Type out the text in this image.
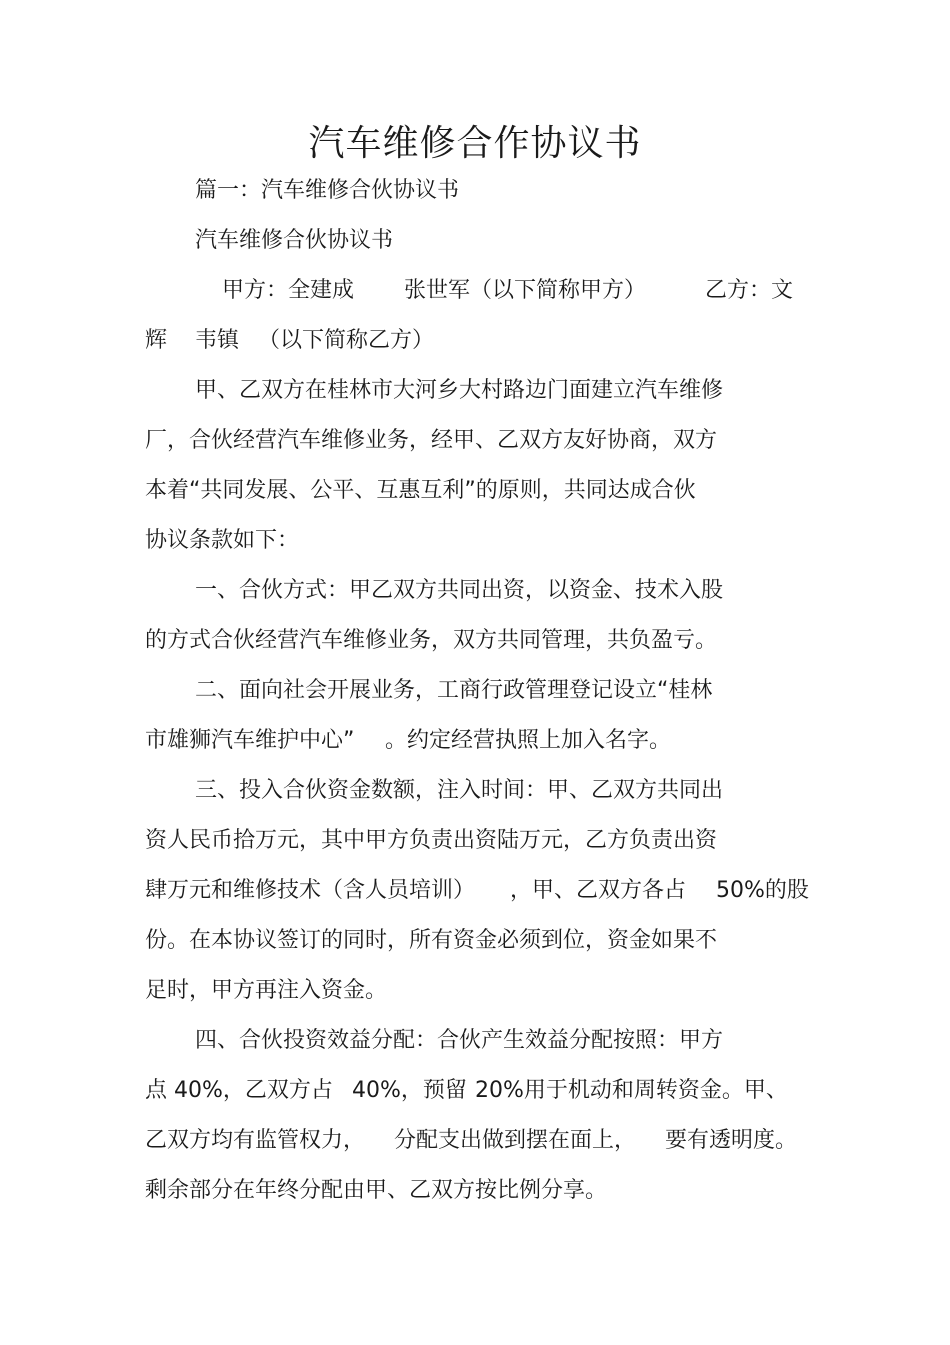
汽车维修合作协议书
篇一：汽车维修合伙协议书
汽车维修合伙协议书
甲方：全建成 张世军（以下简称甲方）	乙方：文
辉 韦镇 （以下简称乙方）
甲、乙双方在桂林市大河乡大村路边门面建立汽车维修
厂，合伙经营汽车维修业务，经甲、乙双方友好协商，双方
本着“共同发展、公平、互惠互利”的原则，共同达成合伙
协议条款如下：
一、合伙方式：甲乙双方共同出资，以资金、技术入股
的方式合伙经营汽车维修业务，双方共同管理，共负盈亏。
二、面向社会开展业务，工商行政管理登记设立“桂林
市雄狮汽车维护中心” 。约定经营执照上加入名字。
三、投入合伙资金数额，注入时间：甲、乙双方共同出
资人民币拾万元，其中甲方负责出资陆万元，乙方负责出资
肆万元和维修技术（含人员培训） ，甲、乙双方各占 50%的股
份。在本协议签订的同时，所有资金必须到位，资金如果不
足时，甲方再注入资金。
四、合伙投资效益分配：合伙产生效益分配按照：甲方
点 40%，乙双方占 40%，预留 20%用于机动和周转资金。甲、
乙双方均有监管权力， 分配支出做到摆在面上， 要有透明度。
剩余部分在年终分配由甲、乙双方按比例分享。
